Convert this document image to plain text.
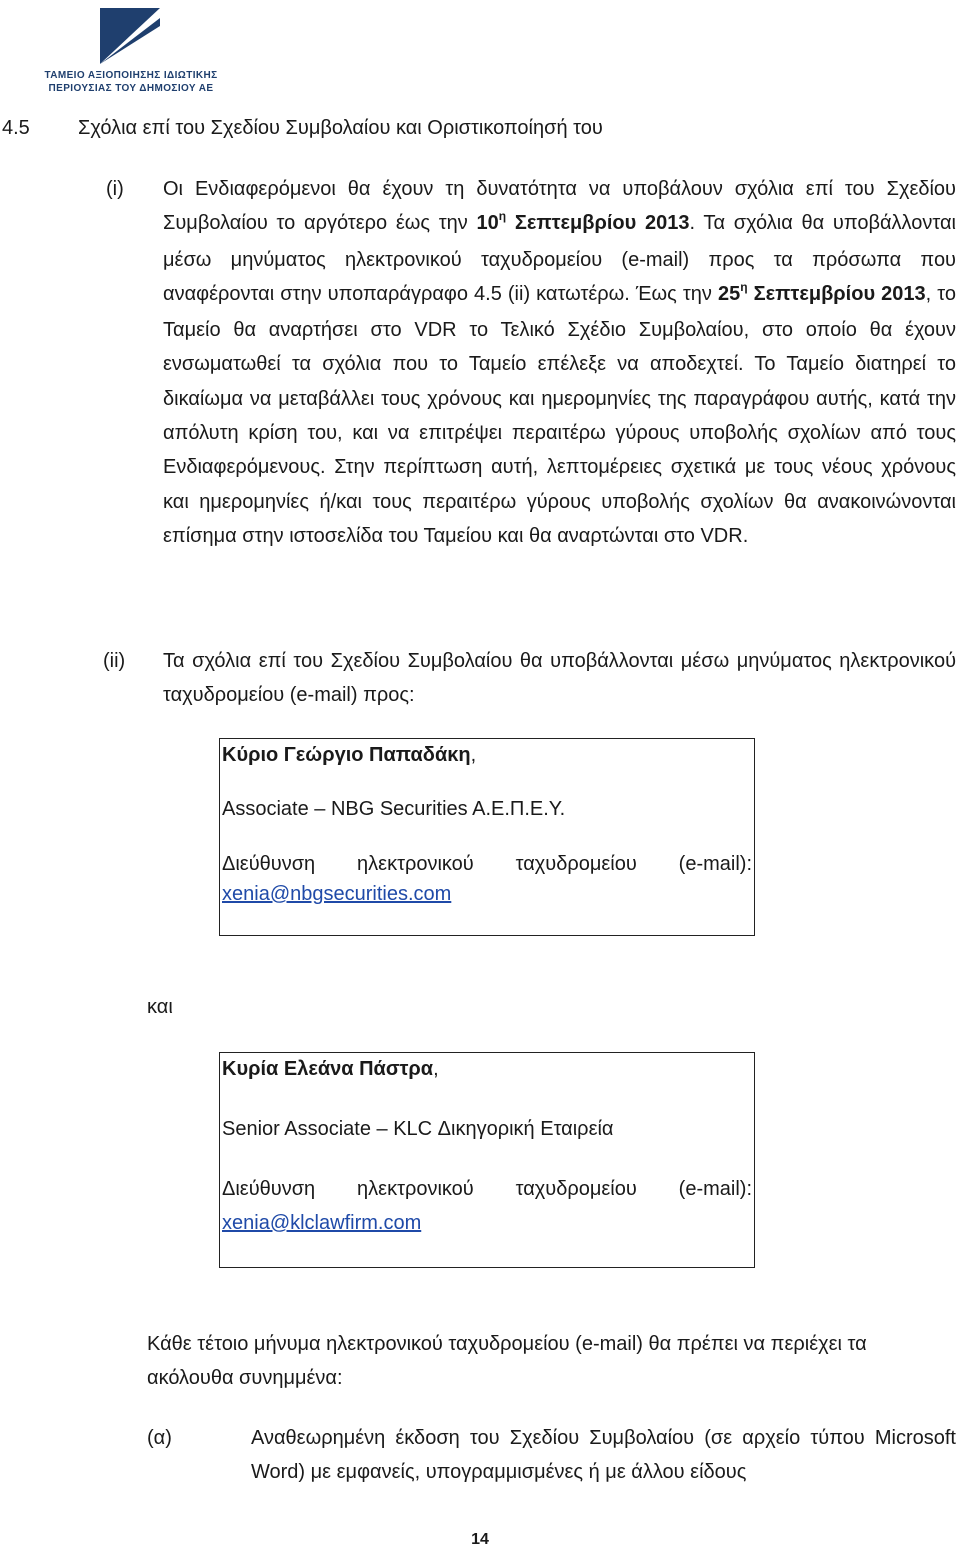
ΤΑΜΕΙΟ ΑΞΙΟΠΟΙΗΣΗΣ ΙΔΙΩΤΙΚΗΣ
ΠΕΡΙΟΥΣΙΑΣ ΤΟΥ ΔΗΜΟΣΙΟΥ ΑΕ
4.5 Σχόλια επί του Σχεδίου Συμβολαίου και Οριστικοποίησή του
(i) Οι Ενδιαφερόμενοι θα έχουν τη δυνατότητα να υποβάλουν σχόλια επί του Σχεδίου Συμβολαίου το αργότερο έως την $10^\eta$ Σεπτεμβρίου 2013. Τα σχόλια θα υποβάλλονται μέσω μηνύματος ηλεκτρονικού ταχυδρομείου (e-mail) προς τα πρόσωπα που αναφέρονται στην υποπαράγραφο 4.5 (ii) κατωτέρω. Έως την $25^\eta$ Σεπτεμβρίου 2013, το Ταμείο θα αναρτήσει στο VDR το Τελικό Σχέδιο Συμβολαίου, στο οποίο θα έχουν ενσωματωθεί τα σχόλια που το Ταμείο επέλεξε να αποδεχτεί. Το Ταμείο διατηρεί το δικαίωμα να μεταβάλλει τους χρόνους και ημερομηνίες της παραγράφου αυτής, κατά την απόλυτη κρίση του, και να επιτρέψει περαιτέρω γύρους υποβολής σχολίων από τους Ενδιαφερόμενους. Στην περίπτωση αυτή, λεπτομέρειες σχετικά με τους νέους χρόνους και ημερομηνίες ή/και τους περαιτέρω γύρους υποβολής σχολίων θα ανακοινώνονται επίσημα στην ιστοσελίδα του Ταμείου και θα αναρτώνται στο VDR.
(ii) Τα σχόλια επί του Σχεδίου Συμβολαίου θα υποβάλλονται μέσω μηνύματος ηλεκτρονικού ταχυδρομείου (e-mail) προς:
Κύριο Γεώργιο Παπαδάκη,
Associate – NBG Securities A.E.Π.Ε.Υ.
Διεύθυνση ηλεκτρονικού ταχυδρομείου (e-mail):
xenia@nbgsecurities.com
και
Κυρία Ελεάνα Πάστρα,
Senior Associate – KLC Δικηγορική Εταιρεία
Διεύθυνση ηλεκτρονικού ταχυδρομείου (e-mail):
xenia@klclawfirm.com
Κάθε τέτοιο μήνυμα ηλεκτρονικού ταχυδρομείου (e-mail) θα πρέπει να περιέχει τα ακόλουθα συνημμένα:
(α)	Αναθεωρημένη έκδοση του Σχεδίου Συμβολαίου (σε αρχείο τύπου Microsoft Word) με εμφανείς, υπογραμμισμένες ή με άλλου είδους
14
